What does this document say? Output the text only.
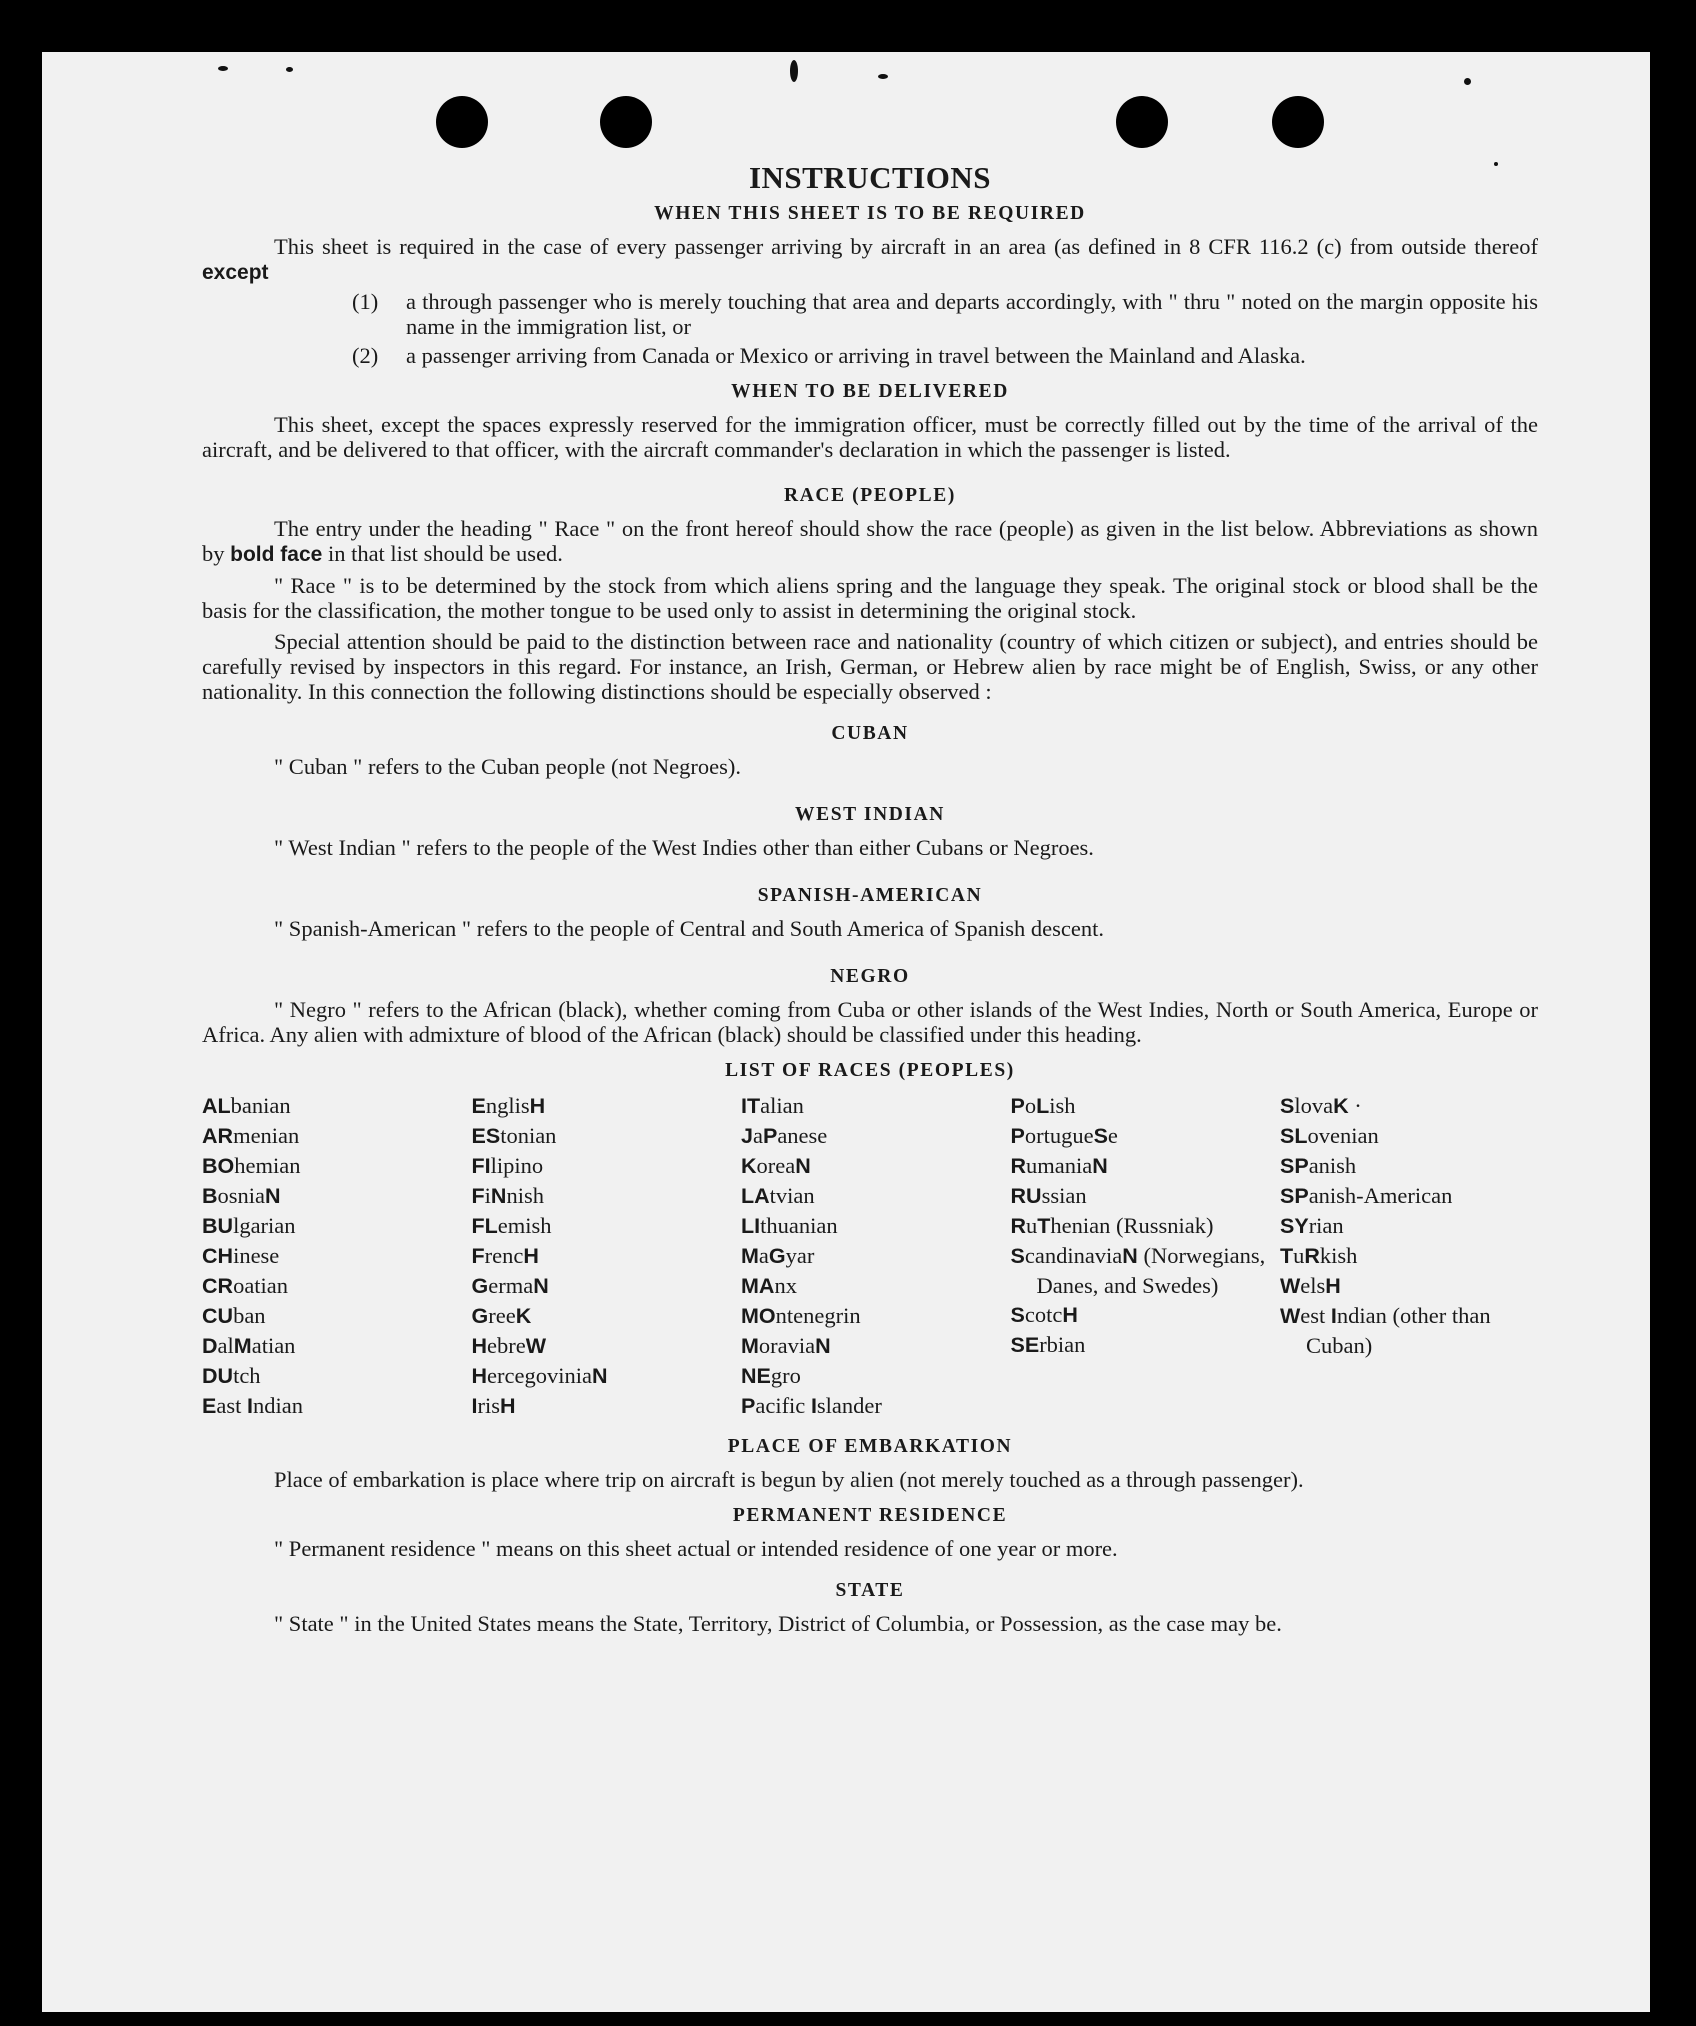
INSTRUCTIONS
WHEN THIS SHEET IS TO BE REQUIRED

This sheet is required in the case of every passenger arriving by aircraft in an area (as defined in 8 CFR 116.2 (c) from outside thereof except

(1)	a through passenger who is merely touching that area and departs accordingly, with " thru " noted on the margin opposite his name in the immigration list, or
(2)	a passenger arriving from Canada or Mexico or arriving in travel between the Mainland and Alaska.
WHEN TO BE DELIVERED

This sheet, except the spaces expressly reserved for the immigration officer, must be correctly filled out by the time of the arrival of the aircraft, and be delivered to that officer, with the aircraft commander's declaration in which the passenger is listed.

RACE (PEOPLE)

The entry under the heading " Race " on the front hereof should show the race (people) as given in the list below. Abbreviations as shown by bold face in that list should be used.

" Race " is to be determined by the stock from which aliens spring and the language they speak. The original stock or blood shall be the basis for the classification, the mother tongue to be used only to assist in determining the original stock.

Special attention should be paid to the distinction between race and nationality (country of which citizen or subject), and entries should be carefully revised by inspectors in this regard. For instance, an Irish, German, or Hebrew alien by race might be of English, Swiss, or any other nationality. In this connection the following distinctions should be especially observed :

CUBAN

" Cuban " refers to the Cuban people (not Negroes).

WEST INDIAN

" West Indian " refers to the people of the West Indies other than either Cubans or Negroes.

SPANISH-AMERICAN

" Spanish-American " refers to the people of Central and South America of Spanish descent.

NEGRO

" Negro " refers to the African (black), whether coming from Cuba or other islands of the West Indies, North or South America, Europe or Africa. Any alien with admixture of blood of the African (black) should be classified under this heading.

LIST OF RACES (PEOPLES)
ALbanian
ARmenian
BOhemian
BosniaN
BUlgarian
CHinese
CRoatian
CUban
DalMatian
DUtch
East Indian
EnglisH
EStonian
FIlipino
FiNnish
FLemish
FrencH
GermaN
GreeK
HebreW
HercegoviniaN
IrisH
ITalian
JaPanese
KoreaN
LAtvian
LIthuanian
MaGyar
MAnx
MOntenegrin
MoraviaN
NEgro
Pacific Islander
PoLish
PortugueSe
RumaniaN
RUssian
RuThenian (Russniak)
ScandinaviaN (Norwegians, Danes, and Swedes)
ScotcH
SErbian
SlovaK ·
SLovenian
SPanish
SPanish-American
SYrian
TuRkish
WelsH
West Indian (other than Cuban)
PLACE OF EMBARKATION

Place of embarkation is place where trip on aircraft is begun by alien (not merely touched as a through passenger).

PERMANENT RESIDENCE

" Permanent residence " means on this sheet actual or intended residence of one year or more.

STATE

" State " in the United States means the State, Territory, District of Columbia, or Possession, as the case may be.
